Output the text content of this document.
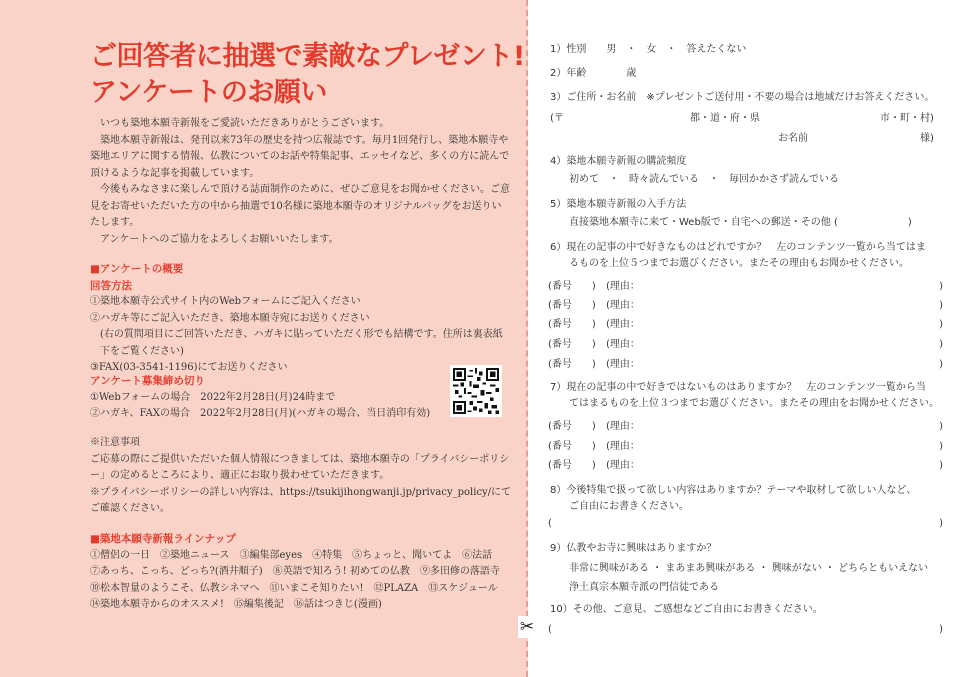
ご回答者に抽選で素敵なプレゼント!
アンケートのお願い

いつも築地本願寺新報をご愛読いただきありがとうございます。

築地本願寺新報は、発刊以来73年の歴史を持つ広報誌です。毎月1回発行し、築地本願寺や築地エリアに関する情報、仏教についてのお話や特集記事、エッセイなど、多くの方に読んで頂けるような記事を掲載しています。

今後もみなさまに楽しんで頂ける誌面制作のために、ぜひご意見をお聞かせください。ご意見をお寄せいただいた方の中から抽選で10名様に築地本願寺のオリジナルバッグをお送りいたします。

アンケートへのご協力をよろしくお願いいたします。

■アンケートの概要
回答方法
①築地本願寺公式サイト内のWebフォームにご記入ください
②ハガキ等にご記入いただき、築地本願寺宛にお送りください
(右の質問項目にご回答いただき、ハガキに貼っていただく形でも結構です。住所は裏表紙下をご覧ください)
③FAX(03-3541-1196)にてお送りください
アンケート募集締め切り
①Webフォームの場合　2022年2月28日(月)24時まで
②ハガキ、FAXの場合　2022年2月28日(月)(ハガキの場合、当日消印有効)
※注意事項
ご応募の際にご提供いただいた個人情報につきましては、築地本願寺の「プライバシーポリシー」の定めるところにより、適正にお取り扱わせていただきます。
※プライバシーポリシーの詳しい内容は、https://tsukijihongwanji.jp/privacy_policy/にてご確認ください。
■築地本願寺新報ラインナップ
①僧侶の一日　②築地ニュース　③編集部eyes　④特集　⑤ちょっと、聞いてよ　⑥法話
⑦あっち、こっち、どっち?(酒井順子)　⑧英語で知ろう! 初めての仏教　⑨多田修の落語寺
⑩松本智量のようこそ、仏教シネマへ　⑪いまこそ知りたい!　⑫PLAZA　⑬スケジュール
⑭築地本願寺からのオススメ!　⑮編集後記　⑯話はつきじ(漫画)
✂
1）性別　　男　・　女　・　答えたくない
2）年齢　　　　歳
3）ご住所・お名前　※プレゼントご送付用・不要の場合は地域だけお答えください。
(〒	都・道・府・県	市・町・村)
お名前	様)
4）築地本願寺新報の購読頻度
初めて　・　時々読んでいる　・　毎回かかさず読んでいる
5）築地本願寺新報の入手方法
直接築地本願寺に来て・Web版で・自宅への郵送・その他 (　　　　　　　)
6）現在の記事の中で好きなものはどれですか？　左のコンテンツ一覧から当てはま
るものを上位５つまでお選びください。またその理由もお聞かせください。
(番号　　) (理由：	)
(番号　　) (理由：	)
(番号　　) (理由：	)
(番号　　) (理由：	)
(番号　　) (理由：	)
7）現在の記事の中で好きではないものはありますか？　左のコンテンツ一覧から当
てはまるものを上位３つまでお選びください。またその理由をお聞かせください。
(番号　　) (理由：	)
(番号　　) (理由：	)
(番号　　) (理由：	)
8）今後特集で扱って欲しい内容はありますか？テーマや取材して欲しい人など、
ご自由にお書きください。
(	)
9）仏教やお寺に興味はありますか？
非常に興味がある ・ まあまあ興味がある ・ 興味がない ・ どちらともいえない
浄土真宗本願寺派の門信徒である
10）その他、ご意見、ご感想などご自由にお書きください。
(	)
